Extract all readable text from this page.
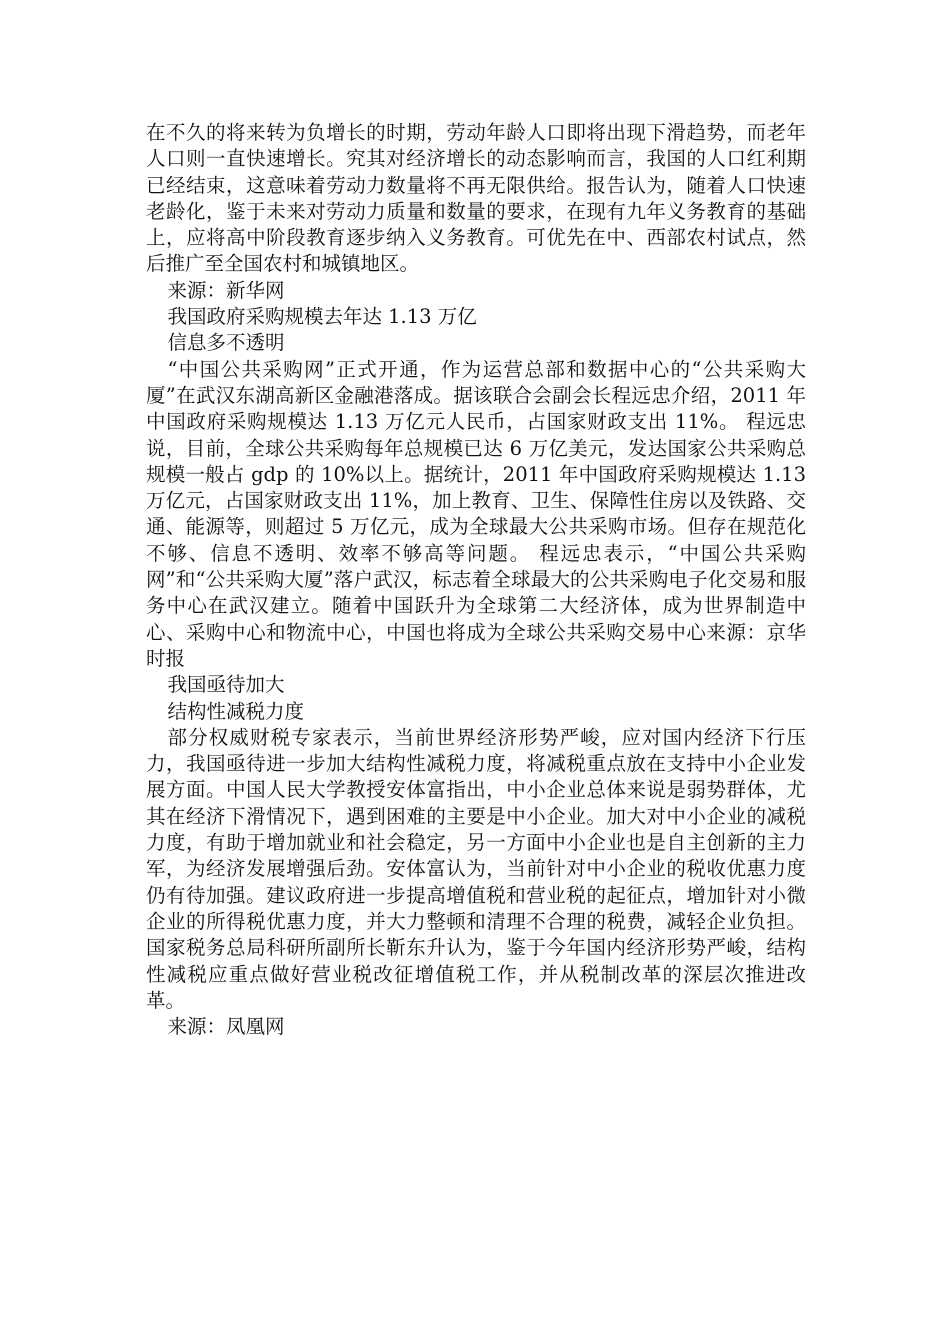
在不久的将来转为负增长的时期，劳动年龄人口即将出现下滑趋势，而老年人口则一直快速增长。究其对经济增长的动态影响而言，我国的人口红利期已经结束，这意味着劳动力数量将不再无限供给。报告认为，随着人口快速老龄化，鉴于未来对劳动力质量和数量的要求，在现有九年义务教育的基础上，应将高中阶段教育逐步纳入义务教育。可优先在中、西部农村试点，然后推广至全国农村和城镇地区。

来源：新华网

我国政府采购规模去年达 1.13 万亿

信息多不透明

“中国公共采购网”正式开通，作为运营总部和数据中心的“公共采购大厦”在武汉东湖高新区金融港落成。据该联合会副会长程远忠介绍，2011 年中国政府采购规模达 1.13 万亿元人民币，占国家财政支出 11%。 程远忠说，目前，全球公共采购每年总规模已达 6 万亿美元，发达国家公共采购总规模一般占 gdp 的 10%以上。据统计，2011 年中国政府采购规模达 1.13 万亿元，占国家财政支出 11%，加上教育、卫生、保障性住房以及铁路、交通、能源等，则超过 5 万亿元，成为全球最大公共采购市场。但存在规范化不够、信息不透明、效率不够高等问题。 程远忠表示，“中国公共采购网”和“公共采购大厦”落户武汉，标志着全球最大的公共采购电子化交易和服务中心在武汉建立。随着中国跃升为全球第二大经济体，成为世界制造中心、采购中心和物流中心，中国也将成为全球公共采购交易中心来源：京华时报

我国亟待加大

结构性减税力度

部分权威财税专家表示，当前世界经济形势严峻，应对国内经济下行压力，我国亟待进一步加大结构性减税力度，将减税重点放在支持中小企业发展方面。中国人民大学教授安体富指出，中小企业总体来说是弱势群体，尤其在经济下滑情况下，遇到困难的主要是中小企业。加大对中小企业的减税力度，有助于增加就业和社会稳定，另一方面中小企业也是自主创新的主力军，为经济发展增强后劲。安体富认为，当前针对中小企业的税收优惠力度仍有待加强。建议政府进一步提高增值税和营业税的起征点，增加针对小微企业的所得税优惠力度，并大力整顿和清理不合理的税费，减轻企业负担。国家税务总局科研所副所长靳东升认为，鉴于今年国内经济形势严峻，结构性减税应重点做好营业税改征增值税工作，并从税制改革的深层次推进改革。

来源：凤凰网
